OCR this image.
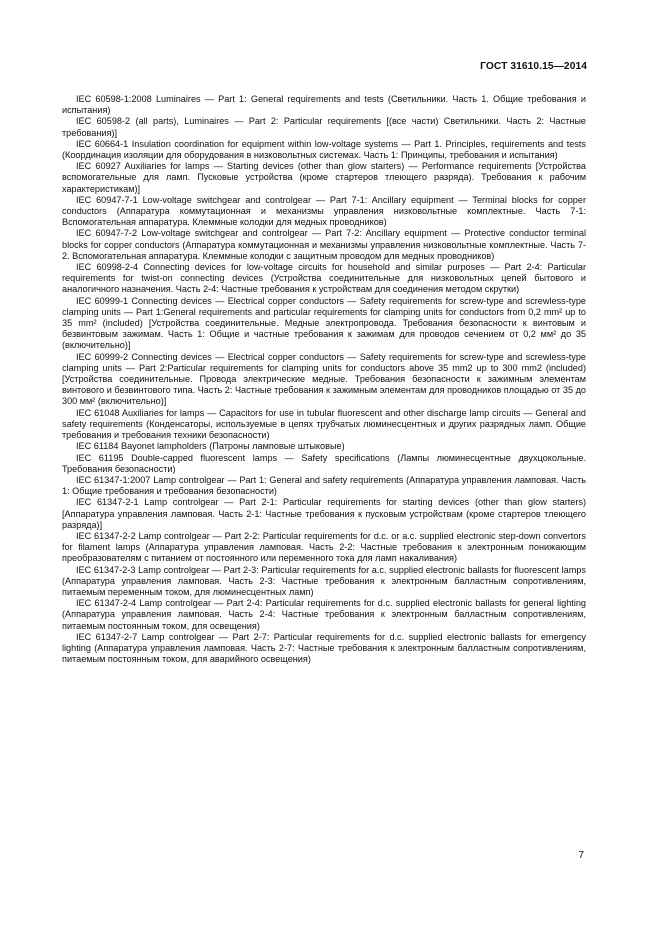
ГОСТ 31610.15—2014

IEC 60598-1:2008 Luminaires — Part 1: General requirements and tests (Светильники. Часть 1. Общие требования и испытания)

IEC 60598-2 (all parts), Luminaires — Part 2: Particular requirements [(все части) Светильники. Часть 2: Частные требования)]

IEC 60664-1 Insulation coordination for equipment within low-voltage systems — Part 1. Principles, requirements and tests (Координация изоляции для оборудования в низковольтных системах. Часть 1: Принципы, требования и испытания)

IEC 60927 Auxiliaries for lamps — Starting devices (other than glow starters) — Performance requirements [Устройства вспомогательные для ламп. Пусковые устройства (кроме стартеров тлеющего разряда). Требования к рабочим характеристикам)]

IEC 60947-7-1 Low-voltage switchgear and controlgear — Part 7-1: Ancillary equipment — Terminal blocks for copper conductors (Аппаратура коммутационная и механизмы управления низковольтные комплектные. Часть 7-1: Вспомогательная аппаратура. Клеммные колодки для медных проводников)

IEC 60947-7-2 Low-voltage switchgear and controlgear — Part 7-2: Ancillary equipment — Protective conductor terminal blocks for copper conductors (Аппаратура коммутационная и механизмы управления низковольтные комплектные. Часть 7-2. Вспомогательная аппаратура. Клеммные колодки с защитным проводом для медных проводников)

IEC 60998-2-4 Connecting devices for low-voltage circuits for household and similar purposes — Part 2-4: Particular requirements for twist-on connecting devices (Устройства соединительные для низковольтных цепей бытового и аналогичного назначения. Часть 2-4: Частные требования к устройствам для соединения методом скрутки)

IEC 60999-1 Connecting devices — Electrical copper conductors — Safety requirements for screw-type and screwless-type clamping units — Part 1:General requirements and particular requirements for clamping units for conductors from 0,2 mm² up to 35 mm² (included) [Устройства соединительные. Медные электропровода. Требования безопасности к винтовым и безвинтовым зажимам. Часть 1: Общие и частные требования к зажимам для проводов сечением от 0,2 мм² до 35 (включительно)]

IEC 60999-2 Connecting devices — Electrical copper conductors — Safety requirements for screw-type and screwless-type clamping units — Part 2:Particular requirements for clamping units for conductors above 35 mm2 up to 300 mm2 (included) [Устройства соединительные. Провода электрические медные. Требования безопасности к зажимным элементам винтового и безвинтового типа. Часть 2: Частные требования к зажимным элементам для проводников площадью от 35 до 300 мм² (включительно)]

IEC 61048 Auxiliaries for lamps — Capacitors for use in tubular fluorescent and other discharge lamp circuits — General and safety requirements (Конденсаторы, используемые в цепях трубчатых люминесцентных и других разрядных ламп. Общие требования и требования техники безопасности)

IEC 61184 Bayonet lampholders (Патроны ламповые штыковые)

IEC 61195 Double-capped fluorescent lamps — Safety specifications (Лампы люминесцентные двухцокольные. Требования безопасности)

IEC 61347-1:2007 Lamp controlgear — Part 1: General and safety requirements (Аппаратура управления ламповая. Часть 1: Общие требования и требования безопасности)

IEC 61347-2-1 Lamp controlgear — Part 2-1: Particular requirements for starting devices (other than glow starters) [Аппаратура управления ламповая. Часть 2-1: Частные требования к пусковым устройствам (кроме стартеров тлеющего разряда)]

IEC 61347-2-2 Lamp controlgear — Part 2-2: Particular requirements for d.c. or a.c. supplied electronic step-down convertors for filament lamps (Аппаратура управления ламповая. Часть 2-2: Частные требования к электронным понижающим преобразователям с питанием от постоянного или переменного тока для ламп накаливания)

IEC 61347-2-3 Lamp controlgear — Part 2-3: Particular requirements for a.c. supplied electronic ballasts for fluorescent lamps (Аппаратура управления ламповая. Часть 2-3: Частные требования к электронным балластным сопротивлениям, питаемым переменным током, для люминесцентных ламп)

IEC 61347-2-4 Lamp controlgear — Part 2-4: Particular requirements for d.c. supplied electronic ballasts for general lighting (Аппаратура управления ламповая. Часть 2-4: Частные требования к электронным балластным сопротивлениям, питаемым постоянным током, для освещения)

IEC 61347-2-7 Lamp controlgear — Part 2-7: Particular requirements for d.c. supplied electronic ballasts for emergency lighting (Аппаратура управления ламповая. Часть 2-7: Частные требования к электронным балластным сопротивлениям, питаемым постоянным током, для аварийного освещения)

7
